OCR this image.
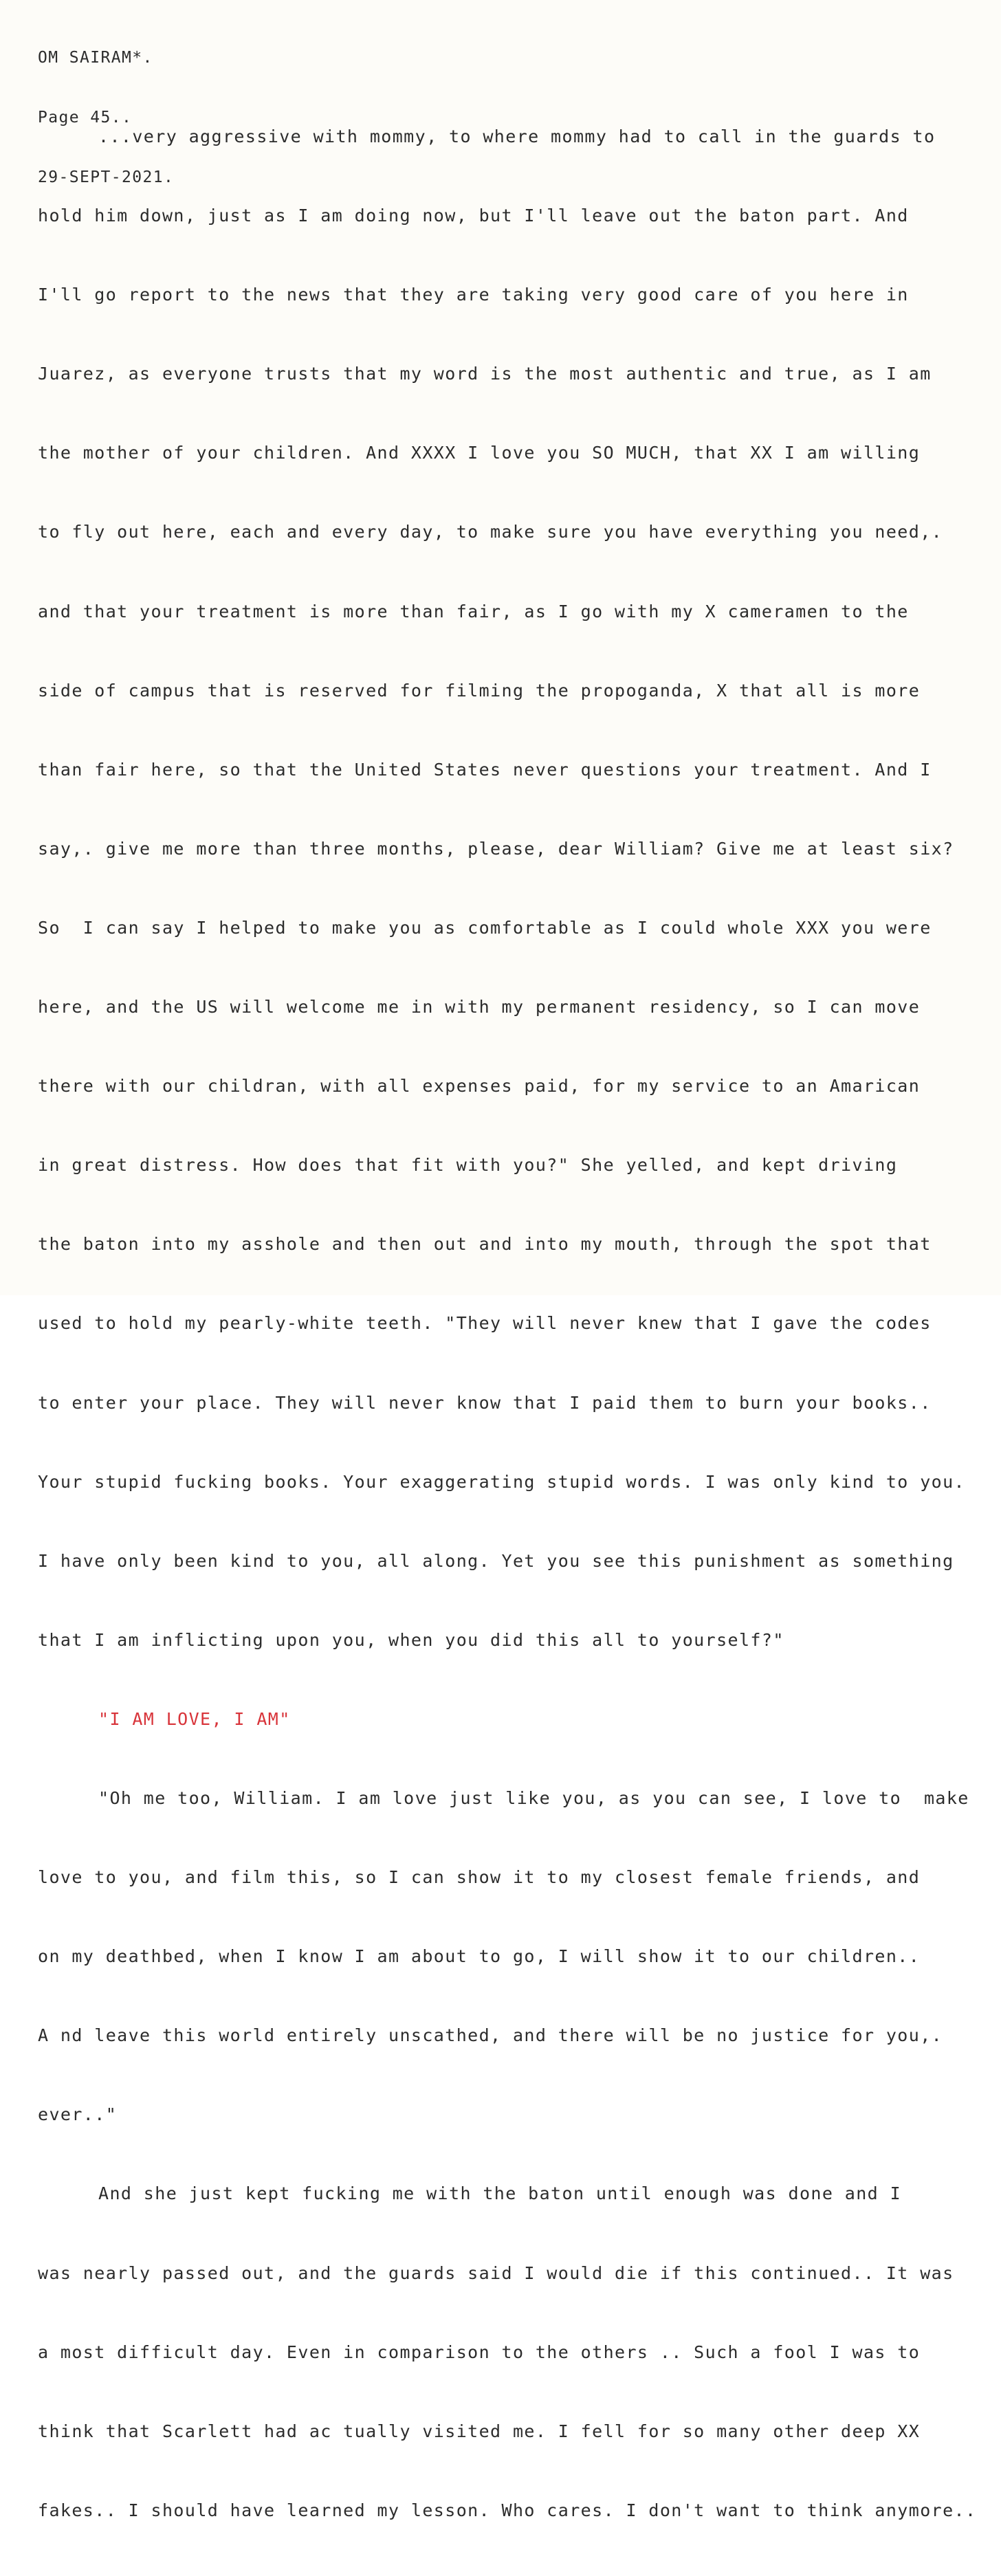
OM SAIRAM*.

Page 45..

29-SEPT-2021.

...very aggressive with mommy, to where mommy had to call in the guards to

hold him down, just as I am doing now, but I'll leave out the baton part. And

I'll go report to the news that they are taking very good care of you here in

Juarez, as everyone trusts that my word is the most authentic and true, as I am

the mother of your children. And XXXX I love you SO MUCH, that XX I am willing

to fly out here, each and every day, to make sure you have everything you need,.

and that your treatment is more than fair, as I go with my X cameramen to the

side of campus that is reserved for filming the propoganda, X that all is more

than fair here, so that the United States never questions your treatment. And I

say,. give me more than three months, please, dear William? Give me at least six?

So  I can say I helped to make you as comfortable as I could whole XXX you were

here, and the US will welcome me in with my permanent residency, so I can move

there with our childran, with all expenses paid, for my service to an Amarican

in great distress. How does that fit with you?" She yelled, and kept driving

the baton into my asshole and then out and into my mouth, through the spot that

used to hold my pearly-white teeth. "They will never knew that I gave the codes

to enter your place. They will never know that I paid them to burn your books..

Your stupid fucking books. Your exaggerating stupid words. I was only kind to you.

I have only been kind to you, all along. Yet you see this punishment as something

that I am inflicting upon you, when you did this all to yourself?"

"I AM LOVE, I AM"

"Oh me too, William. I am love just like you, as you can see, I love to  make

love to you, and film this, so I can show it to my closest female friends, and

on my deathbed, when I know I am about to go, I will show it to our children..

A nd leave this world entirely unscathed, and there will be no justice for you,.

ever.."

And she just kept fucking me with the baton until enough was done and I

was nearly passed out, and the guards said I would die if this continued.. It was

a most difficult day. Even in comparison to the others .. Such a fool I was to

think that Scarlett had ac tually visited me. I fell for so many other deep XX

fakes.. I should have learned my lesson. Who cares. I don't want to think anymore..
